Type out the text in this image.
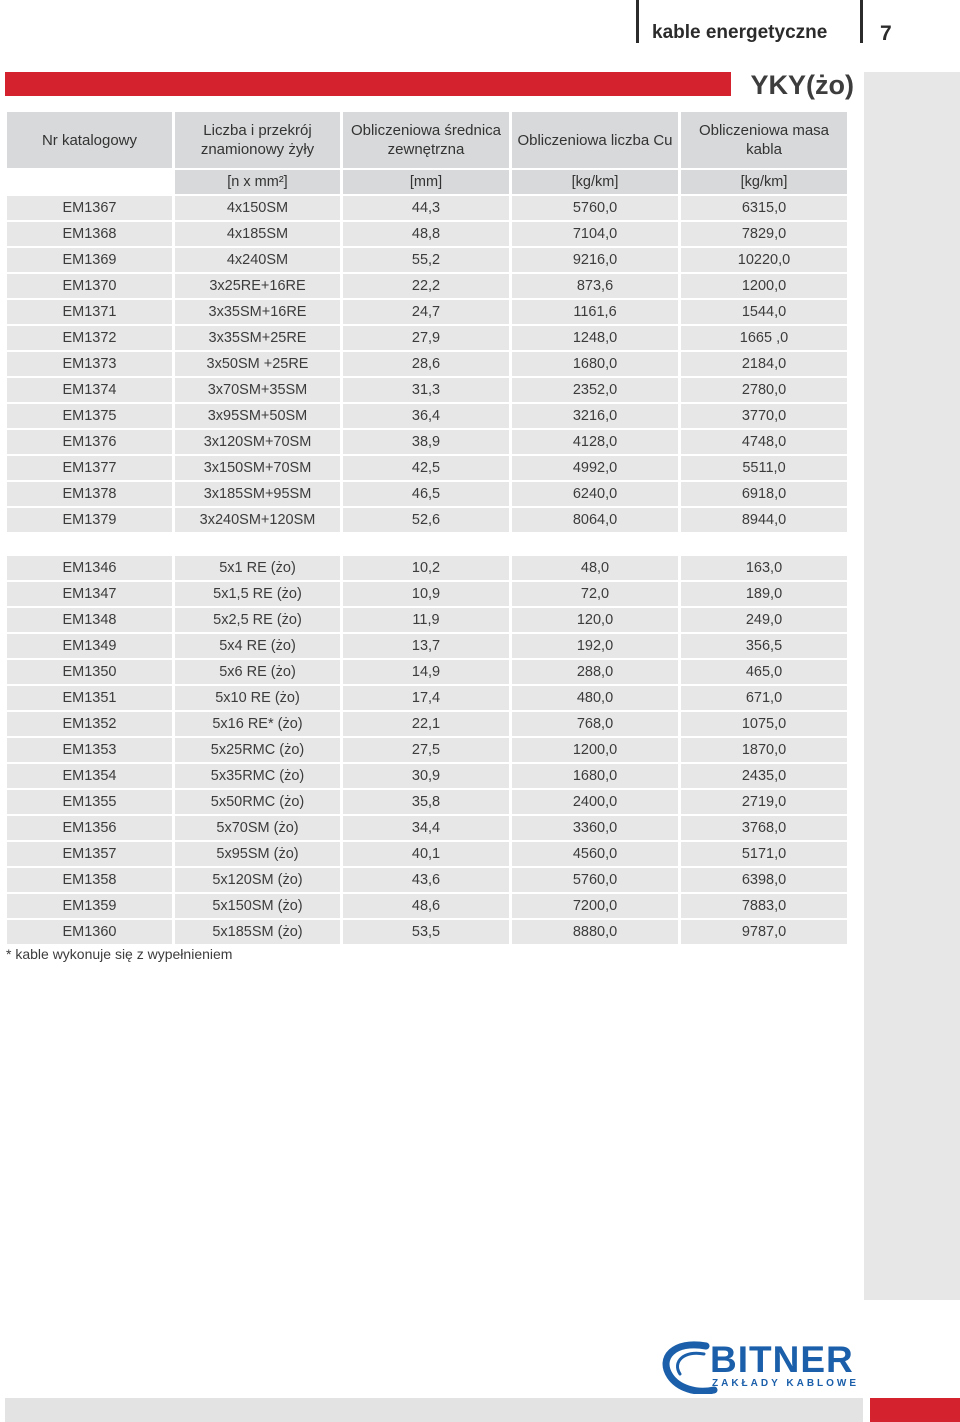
kable energetyczne	7
YKY(żo)
Nr katalogowy	Liczba i przekrój znamionowy żyły	Obliczeniowa średnica zewnętrzna	Obliczeniowa liczba Cu	Obliczeniowa masa kabla
	[n x mm²]	[mm]	[kg/km]	[kg/km]
EM1367	4x150SM	44,3	5760,0	6315,0
EM1368	4x185SM	48,8	7104,0	7829,0
EM1369	4x240SM	55,2	9216,0	10220,0
EM1370	3x25RE+16RE	22,2	873,6	1200,0
EM1371	3x35SM+16RE	24,7	1161,6	1544,0
EM1372	3x35SM+25RE	27,9	1248,0	1665 ,0
EM1373	3x50SM +25RE	28,6	1680,0	2184,0
EM1374	3x70SM+35SM	31,3	2352,0	2780,0
EM1375	3x95SM+50SM	36,4	3216,0	3770,0
EM1376	3x120SM+70SM	38,9	4128,0	4748,0
EM1377	3x150SM+70SM	42,5	4992,0	5511,0
EM1378	3x185SM+95SM	46,5	6240,0	6918,0
EM1379	3x240SM+120SM	52,6	8064,0	8944,0
EM1346	5x1 RE (żo)	10,2	48,0	163,0
EM1347	5x1,5 RE (żo)	10,9	72,0	189,0
EM1348	5x2,5 RE (żo)	11,9	120,0	249,0
EM1349	5x4 RE (żo)	13,7	192,0	356,5
EM1350	5x6 RE (żo)	14,9	288,0	465,0
EM1351	5x10 RE (żo)	17,4	480,0	671,0
EM1352	5x16 RE* (żo)	22,1	768,0	1075,0
EM1353	5x25RMC (żo)	27,5	1200,0	1870,0
EM1354	5x35RMC (żo)	30,9	1680,0	2435,0
EM1355	5x50RMC (żo)	35,8	2400,0	2719,0
EM1356	5x70SM (żo)	34,4	3360,0	3768,0
EM1357	5x95SM (żo)	40,1	4560,0	5171,0
EM1358	5x120SM (żo)	43,6	5760,0	6398,0
EM1359	5x150SM (żo)	48,6	7200,0	7883,0
EM1360	5x185SM (żo)	53,5	8880,0	9787,0
* kable wykonuje się z wypełnieniem
BITNER
ZAKŁADY KABLOWE
